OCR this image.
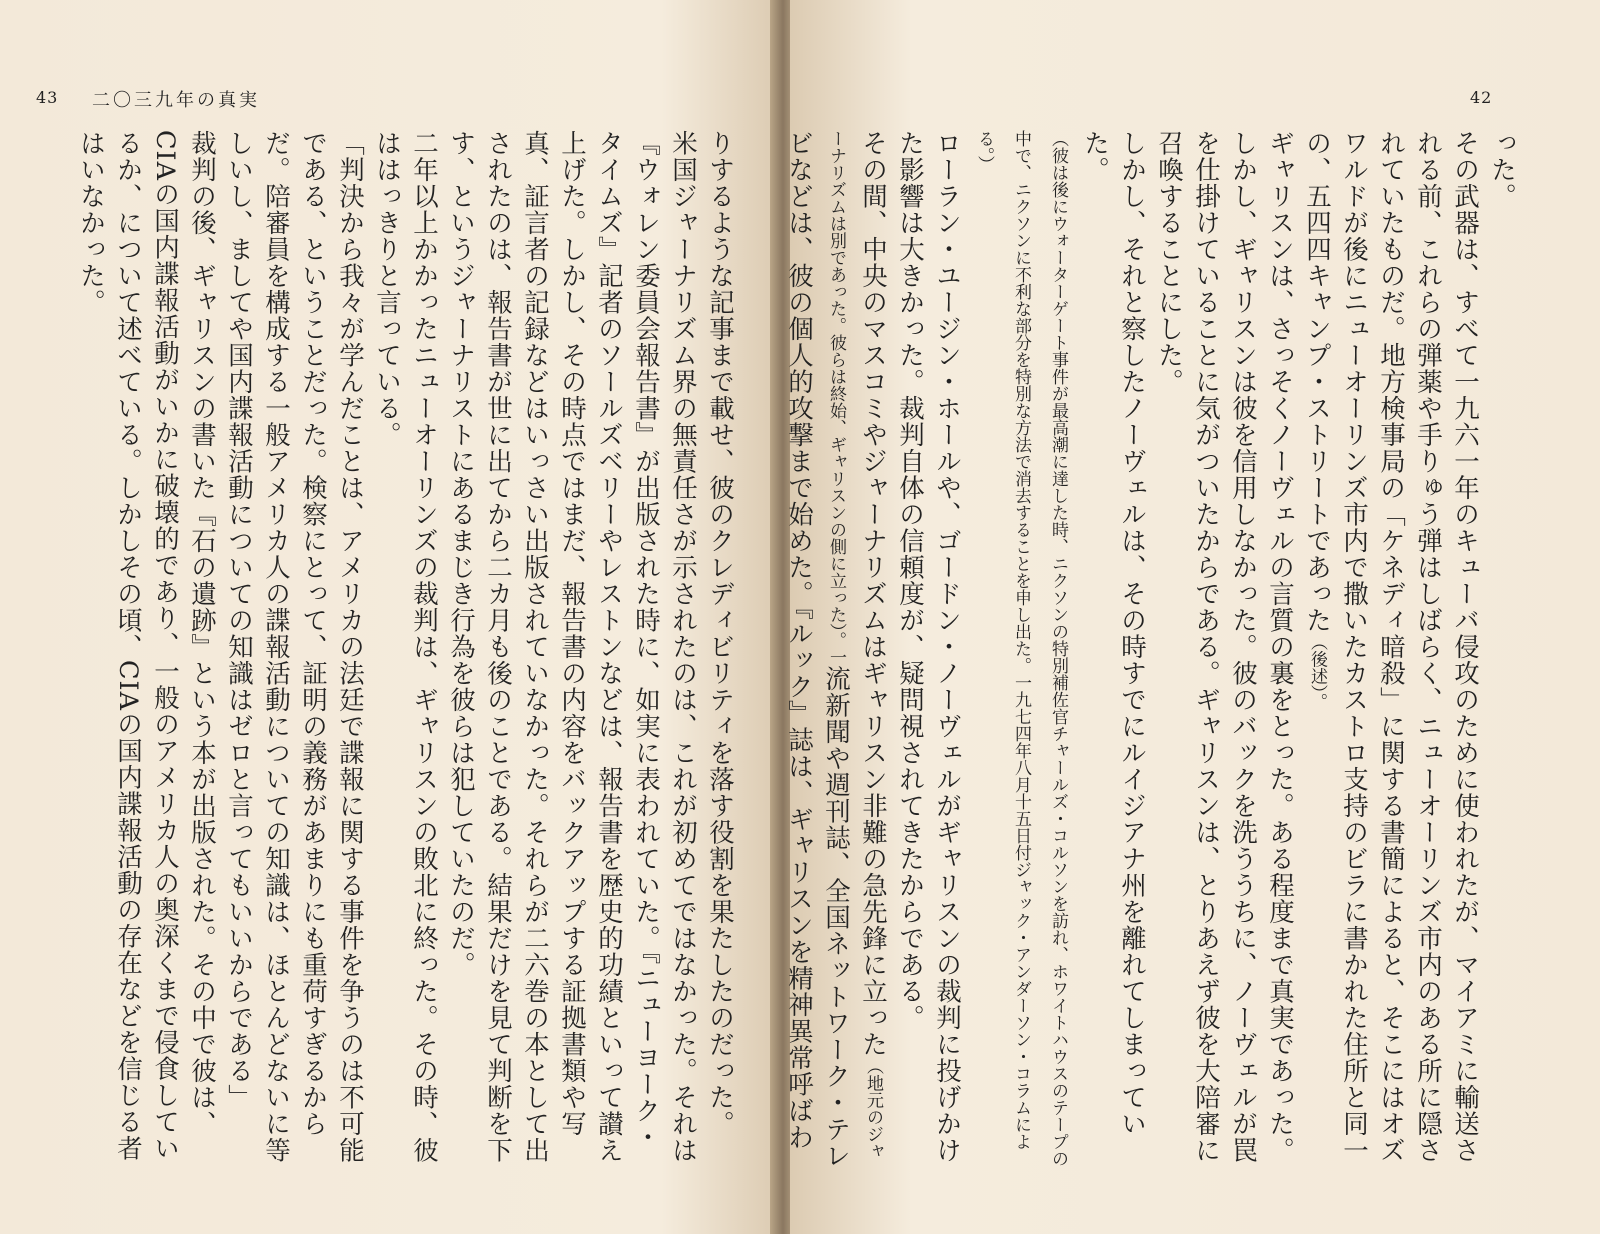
43 二〇三九年の真実

りするような記事まで載せ、彼のクレディビリティを落す役割を果たしたのだった。

米国ジャーナリズム界の無責任さが示されたのは、これが初めてではなかった。それは『ウォレン委員会報告書』が出版された時に、如実に表われていた。『ニューヨーク・タイムズ』記者のソールズベリーやレストンなどは、報告書を歴史的功績といって讃え上げた。しかし、その時点ではまだ、報告書の内容をバックアップする証拠書類や写真、証言者の記録などはいっさい出版されていなかった。それらが二六巻の本として出されたのは、報告書が世に出てから二カ月も後のことである。結果だけを見て判断を下す、というジャーナリストにあるまじき行為を彼らは犯していたのだ。

二年以上かかったニューオーリンズの裁判は、ギャリスンの敗北に終った。その時、彼ははっきりと言っている。

「判決から我々が学んだことは、アメリカの法廷で諜報に関する事件を争うのは不可能である、ということだった。検察にとって、証明の義務があまりにも重荷すぎるからだ。陪審員を構成する一般アメリカ人の諜報活動についての知識は、ほとんどないに等しいし、ましてや国内諜報活動についての知識はゼロと言ってもいいからである」

裁判の後、ギャリスンの書いた『石の遺跡』という本が出版された。その中で彼は、CIAの国内諜報活動がいかに破壊的であり、一般のアメリカ人の奥深くまで侵食しているか、について述べている。しかしその頃、CIAの国内諜報活動の存在などを信じる者はいなかった。

42

った。

その武器は、すべて一九六一年のキューバ侵攻のために使われたが、マイアミに輸送される前、これらの弾薬や手りゅう弾はしばらく、ニューオーリンズ市内のある所に隠されていたものだ。地方検事局の「ケネディ暗殺」に関する書簡によると、そこにはオズワルドが後にニューオーリンズ市内で撒いたカストロ支持のビラに書かれた住所と同一の、五四四キャンプ・ストリートであった（後述）。

ギャリスンは、さっそくノーヴェルの言質の裏をとった。ある程度まで真実であった。しかし、ギャリスンは彼を信用しなかった。彼のバックを洗ううちに、ノーヴェルが罠を仕掛けていることに気がついたからである。ギャリスンは、とりあえず彼を大陪審に召喚することにした。

しかし、それと察したノーヴェルは、その時すでにルイジアナ州を離れてしまっていた。

（彼は後にウォーターゲート事件が最高潮に達した時、ニクソンの特別補佐官チャールズ・コルソンを訪れ、ホワイトハウスのテープの中で、ニクソンに不利な部分を特別な方法で消去することを申し出た。一九七四年八月十五日付ジャック・アンダーソン・コラムによる。）

ローラン・ユージン・ホールや、ゴードン・ノーヴェルがギャリスンの裁判に投げかけた影響は大きかった。裁判自体の信頼度が、疑問視されてきたからである。

その間、中央のマスコミやジャーナリズムはギャリスン非難の急先鋒に立った（地元のジャーナリズムは別であった。彼らは終始、ギャリスンの側に立った）。一流新聞や週刊誌、全国ネットワーク・テレビなどは、彼の個人的攻撃まで始めた。『ルック』誌は、ギャリスンを精神異常呼ばわ
